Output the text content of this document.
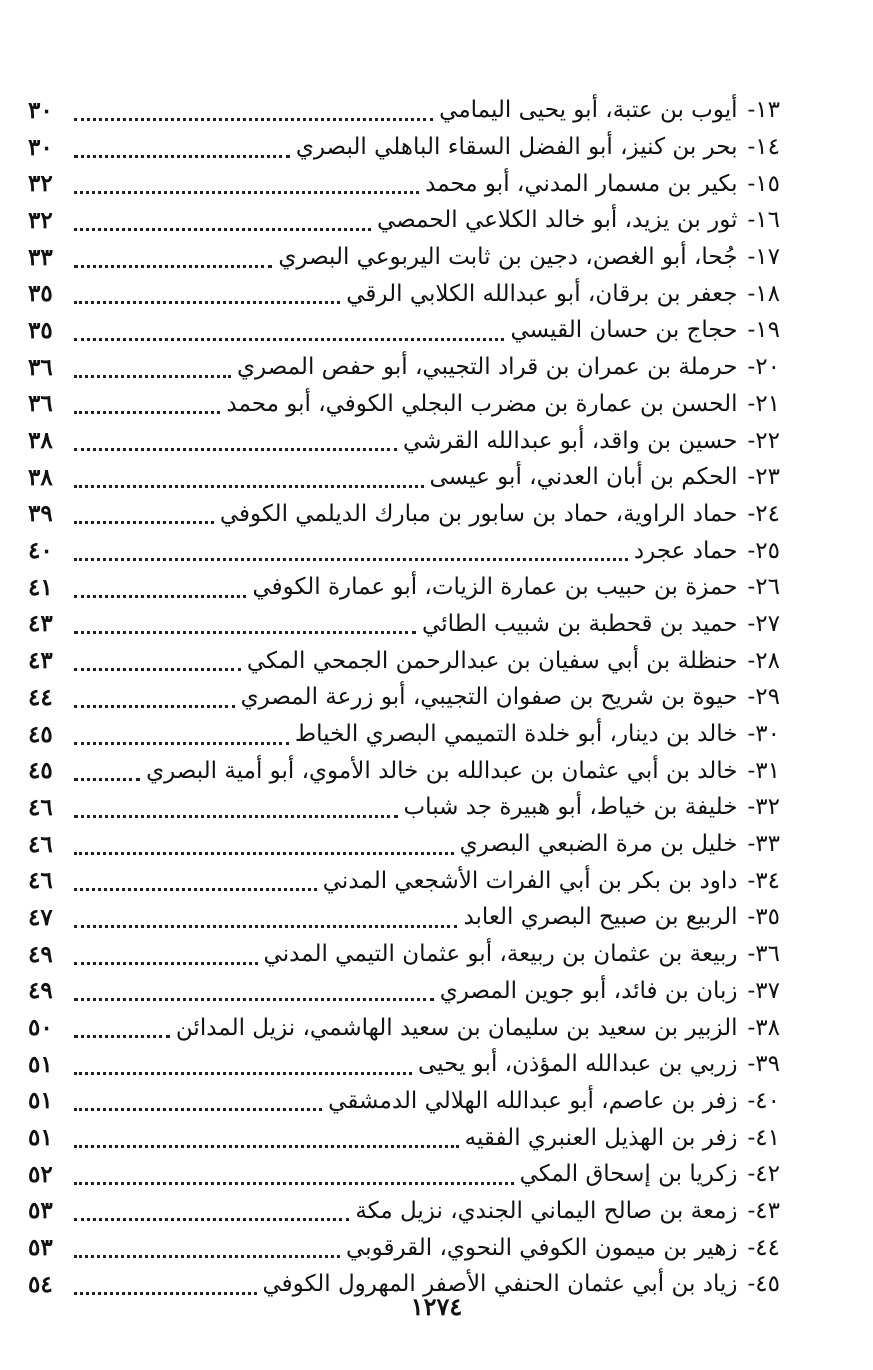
١٣-
أيوب بن عتبة، أبو يحيى اليمامي
٣٠
١٤-
بحر بن كنيز، أبو الفضل السقاء الباهلي البصري
٣٠
١٥-
بكير بن مسمار المدني، أبو محمد
٣٢
١٦-
ثور بن يزيد، أبو خالد الكلاعي الحمصي
٣٢
١٧-
جُحا، أبو الغصن، دجين بن ثابت اليربوعي البصري
٣٣
١٨-
جعفر بن برقان، أبو عبدالله الكلابي الرقي
٣٥
١٩-
حجاج بن حسان القيسي
٣٥
٢٠-
حرملة بن عمران بن قراد التجيبي، أبو حفص المصري
٣٦
٢١-
الحسن بن عمارة بن مضرب البجلي الكوفي، أبو محمد
٣٦
٢٢-
حسين بن واقد، أبو عبدالله القرشي
٣٨
٢٣-
الحكم بن أبان العدني، أبو عيسى
٣٨
٢٤-
حماد الراوية، حماد بن سابور بن مبارك الديلمي الكوفي
٣٩
٢٥-
حماد عجرد
٤٠
٢٦-
حمزة بن حبيب بن عمارة الزيات، أبو عمارة الكوفي
٤١
٢٧-
حميد بن قحطبة بن شبيب الطائي
٤٣
٢٨-
حنظلة بن أبي سفيان بن عبدالرحمن الجمحي المكي
٤٣
٢٩-
حيوة بن شريح بن صفوان التجيبي، أبو زرعة المصري
٤٤
٣٠-
خالد بن دينار، أبو خلدة التميمي البصري الخياط
٤٥
٣١-
خالد بن أبي عثمان بن عبدالله بن خالد الأموي، أبو أمية البصري
٤٥
٣٢-
خليفة بن خياط، أبو هبيرة جد شباب
٤٦
٣٣-
خليل بن مرة الضبعي البصري
٤٦
٣٤-
داود بن بكر بن أبي الفرات الأشجعي المدني
٤٦
٣٥-
الربيع بن صبيح البصري العابد
٤٧
٣٦-
ربيعة بن عثمان بن ربيعة، أبو عثمان التيمي المدني
٤٩
٣٧-
زبان بن فائد، أبو جوين المصري
٤٩
٣٨-
الزبير بن سعيد بن سليمان بن سعيد الهاشمي، نزيل المدائن
٥٠
٣٩-
زربي بن عبدالله المؤذن، أبو يحيى
٥١
٤٠-
زفر بن عاصم، أبو عبدالله الهلالي الدمشقي
٥١
٤١-
زفر بن الهذيل العنبري الفقيه
٥١
٤٢-
زكريا بن إسحاق المكي
٥٢
٤٣-
زمعة بن صالح اليماني الجندي، نزيل مكة
٥٣
٤٤-
زهير بن ميمون الكوفي النحوي، القرقوبي
٥٣
٤٥-
زياد بن أبي عثمان الحنفي الأصفر المهرول الكوفي
٥٤
١٢٧٤
